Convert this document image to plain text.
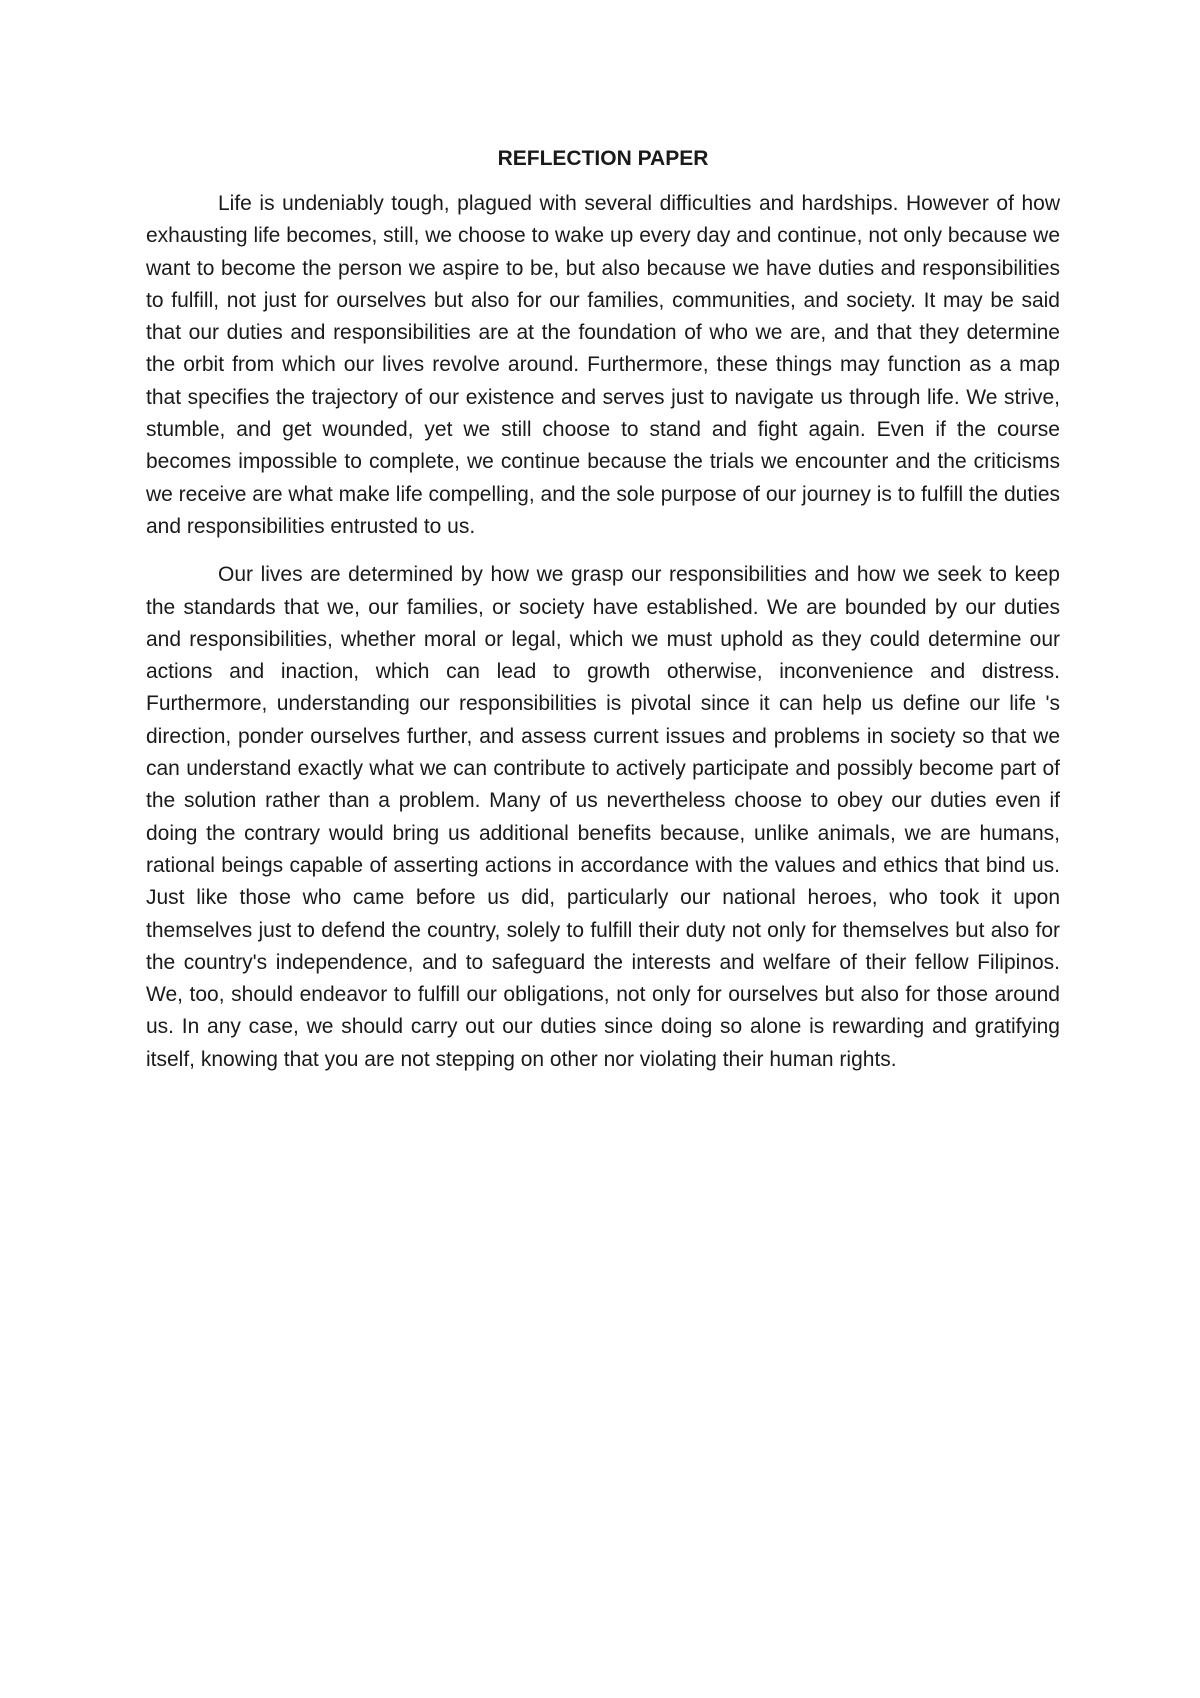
REFLECTION PAPER

Life is undeniably tough, plagued with several difficulties and hardships. However of how exhausting life becomes, still, we choose to wake up every day and continue, not only because we want to become the person we aspire to be, but also because we have duties and responsibilities to fulfill, not just for ourselves but also for our families, communities, and society. It may be said that our duties and responsibilities are at the foundation of who we are, and that they determine the orbit from which our lives revolve around. Furthermore, these things may function as a map that specifies the trajectory of our existence and serves just to navigate us through life. We strive, stumble, and get wounded, yet we still choose to stand and fight again. Even if the course becomes impossible to complete, we continue because the trials we encounter and the criticisms we receive are what make life compelling, and the sole purpose of our journey is to fulfill the duties and responsibilities entrusted to us.

Our lives are determined by how we grasp our responsibilities and how we seek to keep the standards that we, our families, or society have established. We are bounded by our duties and responsibilities, whether moral or legal, which we must uphold as they could determine our actions and inaction, which can lead to growth otherwise, inconvenience and distress. Furthermore, understanding our responsibilities is pivotal since it can help us define our life 's direction, ponder ourselves further, and assess current issues and problems in society so that we can understand exactly what we can contribute to actively participate and possibly become part of the solution rather than a problem. Many of us nevertheless choose to obey our duties even if doing the contrary would bring us additional benefits because, unlike animals, we are humans, rational beings capable of asserting actions in accordance with the values and ethics that bind us. Just like those who came before us did, particularly our national heroes, who took it upon themselves just to defend the country, solely to fulfill their duty not only for themselves but also for the country's independence, and to safeguard the interests and welfare of their fellow Filipinos. We, too, should endeavor to fulfill our obligations, not only for ourselves but also for those around us. In any case, we should carry out our duties since doing so alone is rewarding and gratifying itself, knowing that you are not stepping on other nor violating their human rights.
